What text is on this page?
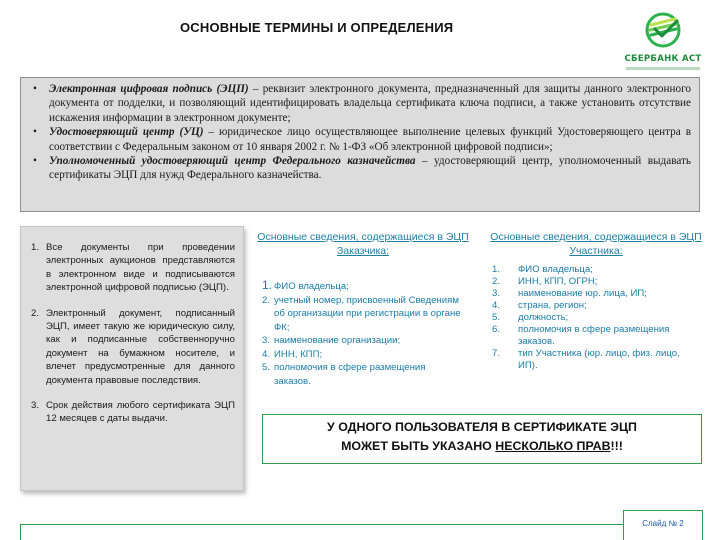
ОСНОВНЫЕ ТЕРМИНЫ И ОПРЕДЕЛЕНИЯ
СБЕРБАНК АСТ

• Электронная цифровая подпись (ЭЦП) – реквизит электронного документа, предназначенный для защиты данного электронного документа от подделки, и позволяющий идентифицировать владельца сертификата ключа подписи, а также установить отсутствие искажения информации в электронном документе;

• Удостоверяющий центр (УЦ) – юридическое лицо осуществляющее выполнение целевых функций Удостоверяющего центра в соответствии с Федеральным законом от 10 января 2002 г. № 1-ФЗ «Об электронной цифровой подписи»;

• Уполномоченный удостоверяющий центр Федерального казначейства – удостоверяющий центр, уполномоченный выдавать сертификаты ЭЦП для нужд Федерального казначейства.

1. Все документы при проведении электронных аукционов представляются в электронном виде и подписываются электронной цифровой подписью (ЭЦП).
2. Электронный документ, подписанный ЭЦП, имеет такую же юридическую силу, как и подписанные собственноручно документ на бумажном носителе, и влечет предусмотренные для данного документа правовые последствия.
3. Срок действия любого сертификата ЭЦП 12 месяцев с даты выдачи.
Основные сведения, содержащиеся в ЭЦП Заказчика:
1. ФИО владельца;
2. учетный номер, присвоенный Сведениям об организации при регистрации в органе ФК;
3. наименование организации;
4. ИНН, КПП;
5. полномочия в сфере размещения заказов.
Основные сведения, содержащиеся в ЭЦП Участника:
1. ФИО владельца;
2. ИНН, КПП, ОГРН;
3. наименование юр. лица, ИП;
4. страна, регион;
5. должность;
6. полномочия в сфере размещения заказов.
7. тип Участника (юр. лицо, физ. лицо, ИП).
У ОДНОГО ПОЛЬЗОВАТЕЛЯ В СЕРТИФИКАТЕ ЭЦП
МОЖЕТ БЫТЬ УКАЗАНО НЕСКОЛЬКО ПРАВ!!!
Слайд № 2
